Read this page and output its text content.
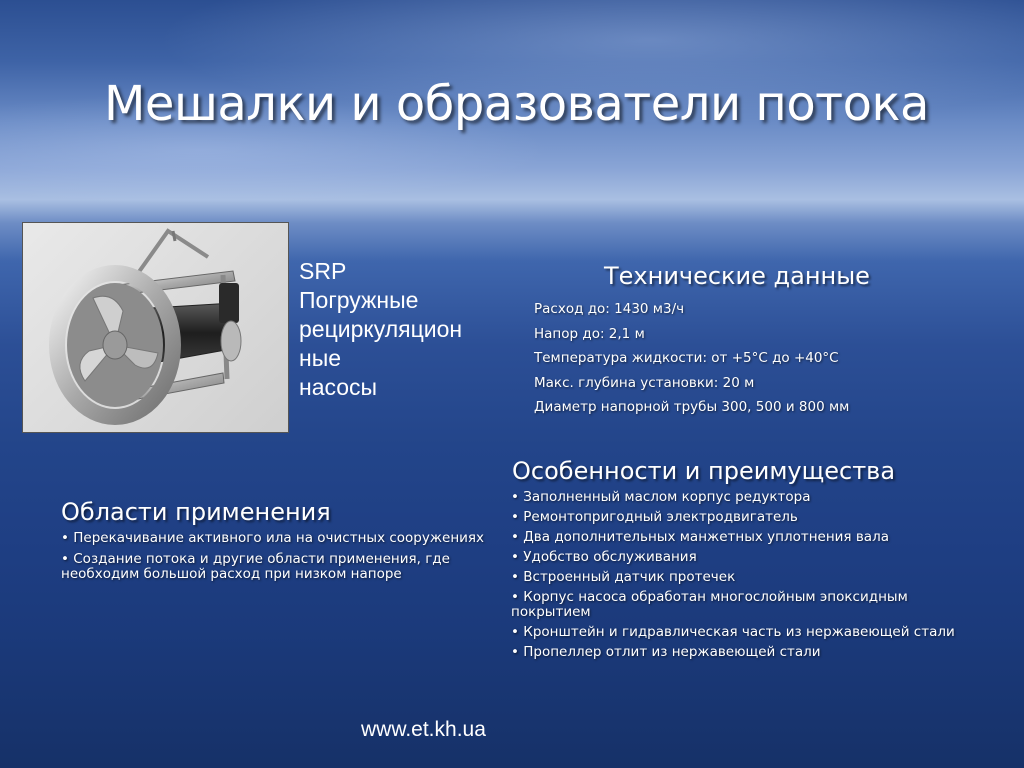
Мешалки и образователи потока
SRP
Погружные
рециркуляцион
ные
насосы
Технические данные
Расход до: 1430 м3/ч
Напор до: 2,1 м
Температура жидкости: от +5°C до +40°C
Макс. глубина установки: 20 м
Диаметр напорной трубы 300, 500 и 800 мм
Особенности и преимущества
• Заполненный маслом корпус редуктора
• Ремонтопригодный электродвигатель
• Два дополнительных манжетных уплотнения вала
• Удобство обслуживания
• Встроенный датчик протечек
• Корпус насоса обработан многослойным эпоксидным покрытием
• Кронштейн и гидравлическая часть из нержавеющей стали
• Пропеллер отлит из нержавеющей стали
Области применения
• Перекачивание активного ила на очистных сооружениях
• Создание потока и другие области применения, где необходим большой расход при низком напоре
www.et.kh.ua
